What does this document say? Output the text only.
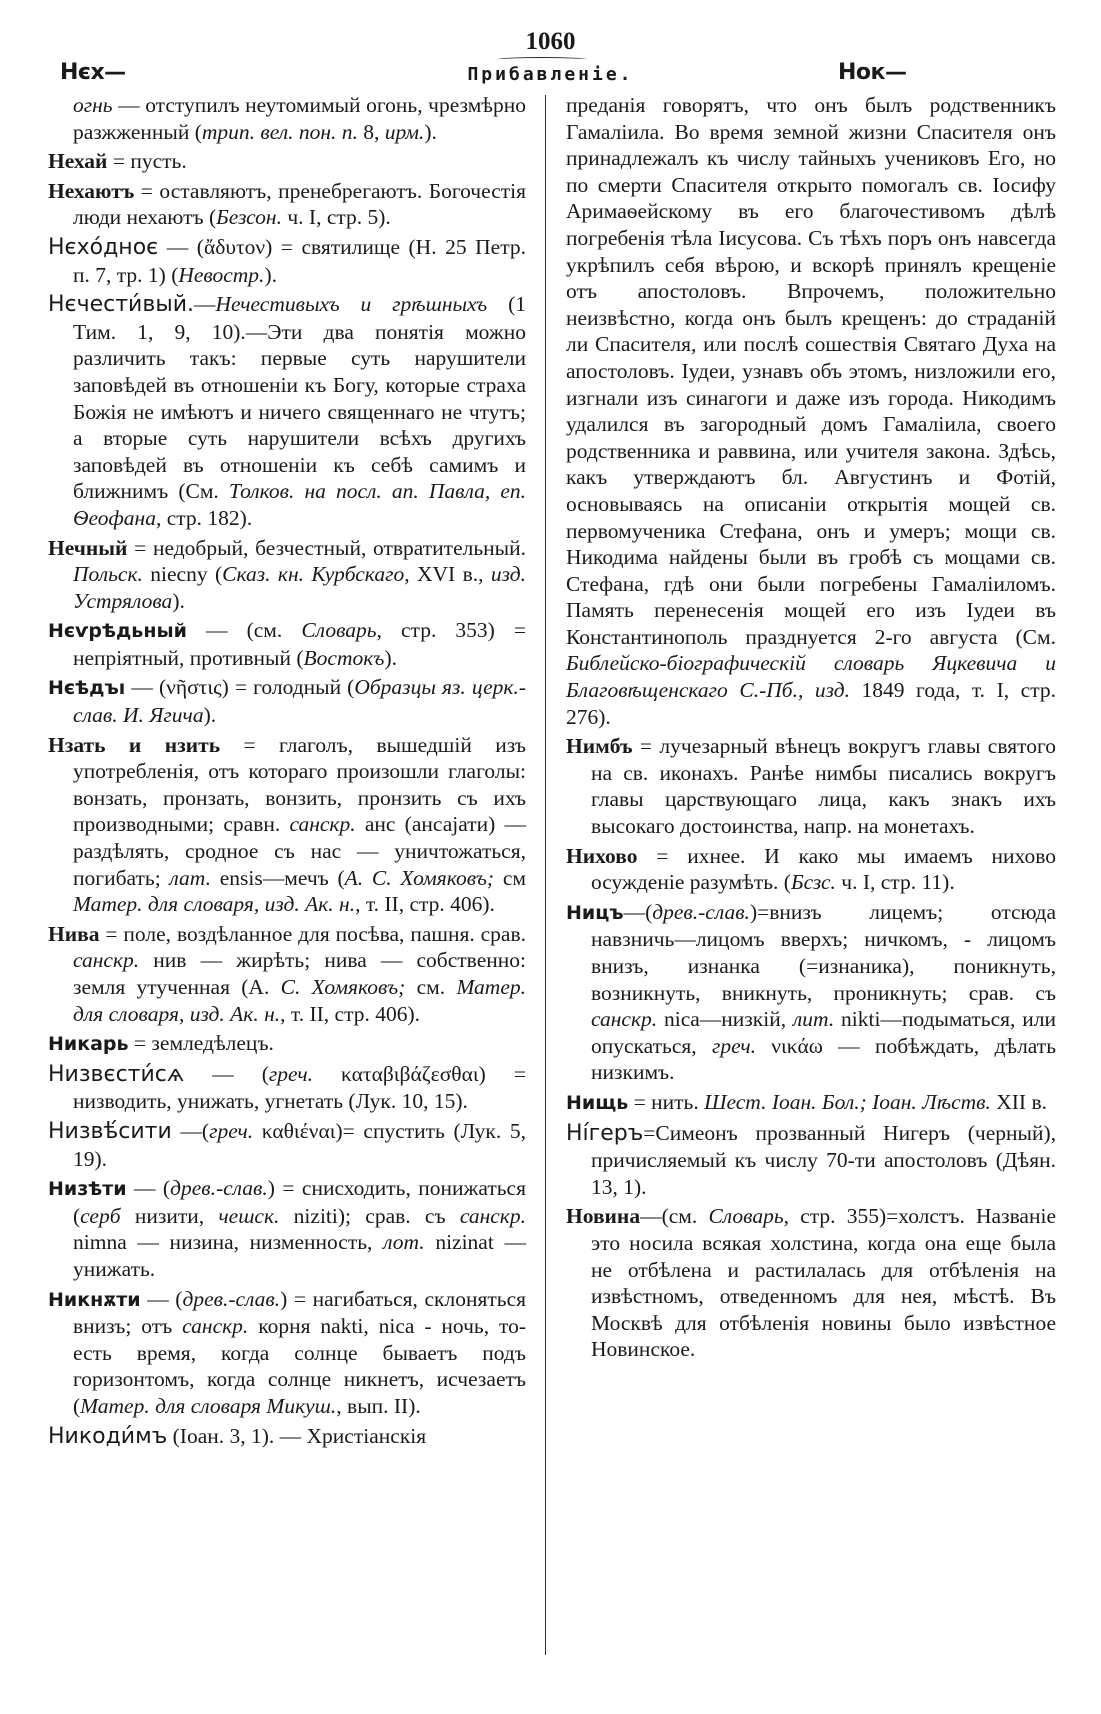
1060
Нєх—	Прибавленіе.	Нок—

огнь — отступилъ неутомимый огонь, чрезмѣрно разжженный (трип. вел. пон. п. 8, ирм.).

Нехай = пусть.

Нехаютъ = оставляютъ, пренебрегаютъ. Богочестія люди нехаютъ (Безсон. ч. I, стр. 5).

Нєхо́дноє — (ἄδυτον) = святилище (Н. 25 Петр. п. 7, тр. 1) (Невостр.).

Нєчести́вый.—Нечестивыхъ и грѣшныхъ (1 Тим. 1, 9, 10).—Эти два понятія можно различить такъ: первые суть нарушители заповѣдей въ отношеніи къ Богу, которые страха Божія не имѣютъ и ничего священнаго не чтутъ; а вторые суть нарушители всѣхъ другихъ заповѣдей въ отношеніи къ себѣ самимъ и ближнимъ (См. Толков. на посл. ап. Павла, еп. Ѳеофана, стр. 182).

Нечный = недобрый, безчестный, отвратительный. Польск. niecny (Сказ. кн. Курбскаго, XVI в., изд. Устрялова).

Нєѵрѣдьный — (см. Словарь, стр. 353) = непріятный, противный (Востокъ).

Нєѣдъı — (νῆστις) = голодный (Образцы яз. церк.-слав. И. Ягича).

Нзать и нзить = глаголъ, вышедшій изъ употребленія, отъ котораго произошли глаголы: вонзать, пронзать, вонзить, пронзить съ ихъ производными; сравн. санскр. анс (ансаjати) — раздѣлять, сродное съ нас — уничтожаться, погибать; лат. ensis—мечъ (А. С. Хомяковъ; см Матер. для словаря, изд. Ак. н., т. II, стр. 406).

Нива = поле, воздѣланное для посѣва, пашня. срав. санскр. нив — жирѣть; нива — собственно: земля утученная (А. С. Хомяковъ; см. Матер. для словаря, изд. Ак. н., т. II, стр. 406).

Никарь = земледѣлецъ.

Низвєсти́сѧ — (греч. καταβιβάζεσθαι) = низводить, унижать, угнетать (Лук. 10, 15).

Низвѣ́сити —(греч. καθιέναι)= спустить (Лук. 5, 19).

Низѣти — (древ.-слав.) = снисходить, понижаться (серб низити, чешск. niziti); срав. съ санскр. nimna — низина, низменность, лот. nizinat — унижать.

Никнѫти — (древ.-слав.) = нагибаться, склоняться внизъ; отъ санскр. корня nakti, nica - ночь, то-есть время, когда солнце бываетъ подъ горизонтомъ, когда солнце никнетъ, исчезаетъ (Матер. для словаря Микуш., вып. II).

Никоди́мъ (Іоан. 3, 1). — Христіанскія

преданія говорятъ, что онъ былъ родственникъ Гамаліила. Во время земной жизни Спасителя онъ принадлежалъ къ числу тайныхъ учениковъ Его, но по смерти Спасителя открыто помогалъ св. Іосифу Аримаѳейскому въ его благочестивомъ дѣлѣ погребенія тѣла Іисусова. Съ тѣхъ поръ онъ навсегда укрѣпилъ себя вѣрою, и вскорѣ принялъ крещеніе отъ апостоловъ. Впрочемъ, положительно неизвѣстно, когда онъ былъ крещенъ: до страданій ли Спасителя, или послѣ сошествія Святаго Духа на апостоловъ. Іудеи, узнавъ объ этомъ, низложили его, изгнали изъ синагоги и даже изъ города. Никодимъ удалился въ загородный домъ Гамаліила, своего родственника и раввина, или учителя закона. Здѣсь, какъ утверждаютъ бл. Августинъ и Фотій, основываясь на описаніи открытія мощей св. первомученика Стефана, онъ и умеръ; мощи св. Никодима найдены были въ гробѣ съ мощами св. Стефана, гдѣ они были погребены Гамаліиломъ. Память перенесенія мощей его изъ Іудеи въ Константинополь празднуется 2-го августа (См. Библейско-біографическій словарь Яцкевича и Благовѣщенскаго С.-Пб., изд. 1849 года, т. I, стр. 276).

Нимбъ = лучезарный вѣнецъ вокругъ главы святого на св. иконахъ. Ранѣе нимбы писались вокругъ главы царствующаго лица, какъ знакъ ихъ высокаго достоинства, напр. на монетахъ.

Нихово = ихнее. И како мы имаемъ нихово осужденіе разумѣть. (Бсзс. ч. I, стр. 11).

Ницъ—(древ.-слав.)=внизъ лицемъ; отсюда навзничь—лицомъ вверхъ; ничкомъ, - лицомъ внизъ, изнанка (=изнаника), поникнуть, возникнуть, вникнуть, проникнуть; срав. съ санскр. nica—низкій, лит. nikti—подыматься, или опускаться, греч. νικάω — побѣждать, дѣлать низкимъ.

Нищь = нить. Шест. Іоан. Бол.; Іоан. Лѣств. XII в.

Ні́геръ=Симеонъ прозванный Нигеръ (черный), причисляемый къ числу 70-ти апостоловъ (Дѣян. 13, 1).

Новина—(см. Словарь, стр. 355)=холстъ. Названіе это носила всякая холстина, когда она еще была не отбѣлена и растилалась для отбѣленія на извѣстномъ, отведенномъ для нея, мѣстѣ. Въ Москвѣ для отбѣленія новины было извѣстное Новинское.
